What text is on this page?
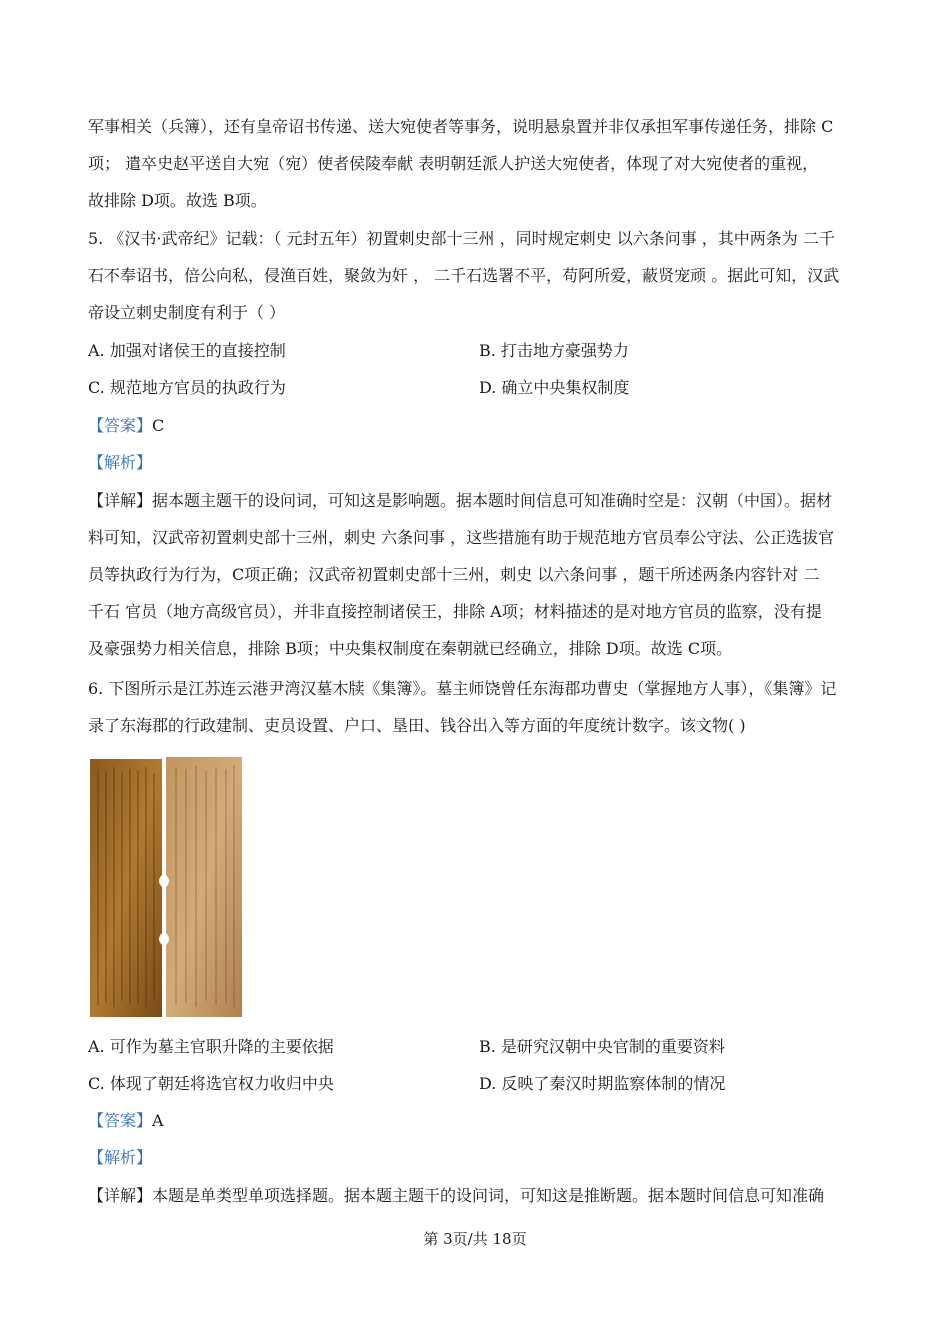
军事相关（兵簿），还有皇帝诏书传递、送大宛使者等事务，说明悬泉置并非仅承担军事传递任务，排除 C
项； 遣卒史赵平送自大宛（宛）使者侯陵奉献 表明朝廷派人护送大宛使者，体现了对大宛使者的重视，
故排除 D项。故选 B项。
5. 《汉书·武帝纪》记载：（ 元封五年）初置刺史部十三州 ，同时规定刺史 以六条问事 ，其中两条为 二千
石不奉诏书，倍公向私，侵渔百姓，聚敛为奸 ， 二千石选署不平，苟阿所爱，蔽贤宠顽 。据此可知，汉武
帝设立刺史制度有利于（ ）
A. 加强对诸侯王的直接控制	B. 打击地方豪强势力
C. 规范地方官员的执政行为	D. 确立中央集权制度
【答案】C
【解析】
【详解】据本题主题干的设问词，可知这是影响题。据本题时间信息可知准确时空是：汉朝（中国）。据材
料可知，汉武帝初置刺史部十三州，刺史 六条问事 ，这些措施有助于规范地方官员奉公守法、公正选拔官
员等执政行为行为，C项正确；汉武帝初置刺史部十三州，刺史 以六条问事 ，题干所述两条内容针对 二
千石 官员（地方高级官员），并非直接控制诸侯王，排除 A项；材料描述的是对地方官员的监察，没有提
及豪强势力相关信息，排除 B项；中央集权制度在秦朝就已经确立，排除 D项。故选 C项。
6. 下图所示是江苏连云港尹湾汉墓木牍《集簿》。墓主师饶曾任东海郡功曹史（掌握地方人事），《集簿》记
录了东海郡的行政建制、吏员设置、户口、垦田、钱谷出入等方面的年度统计数字。该文物( )
A. 可作为墓主官职升降的主要依据	B. 是研究汉朝中央官制的重要资料
C. 体现了朝廷将选官权力收归中央	D. 反映了秦汉时期监察体制的情况
【答案】A
【解析】
【详解】本题是单类型单项选择题。据本题主题干的设问词，可知这是推断题。据本题时间信息可知准确
第 3页/共 18页
